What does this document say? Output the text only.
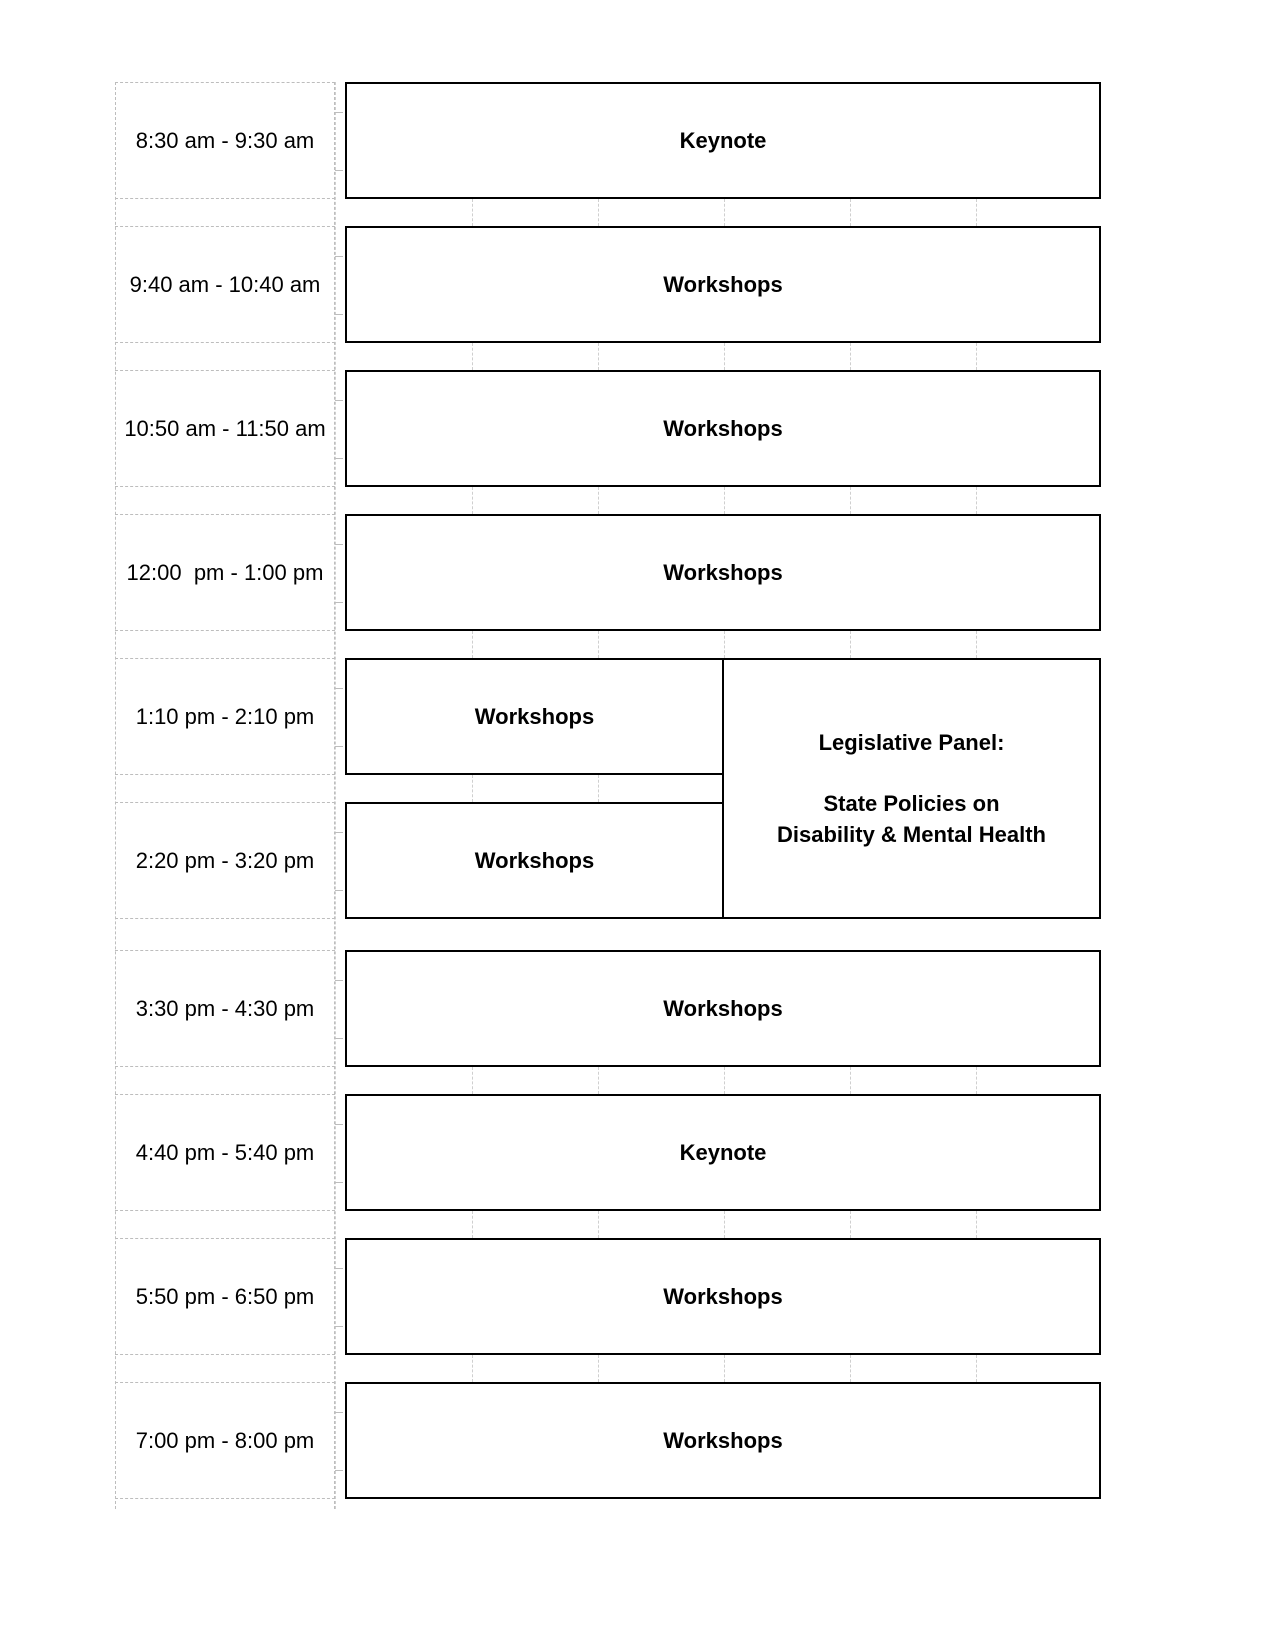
8:30 am - 9:30 am
9:40 am - 10:40 am
10:50 am - 11:50 am
12:00  pm - 1:00 pm
1:10 pm - 2:10 pm
2:20 pm - 3:20 pm
3:30 pm - 4:30 pm
4:40 pm - 5:40 pm
5:50 pm - 6:50 pm
7:00 pm - 8:00 pm
Keynote
Workshops
Workshops
Workshops
Workshops
Workshops
Legislative Panel:
State Policies on
Disability & Mental Health
Workshops
Keynote
Workshops
Workshops
